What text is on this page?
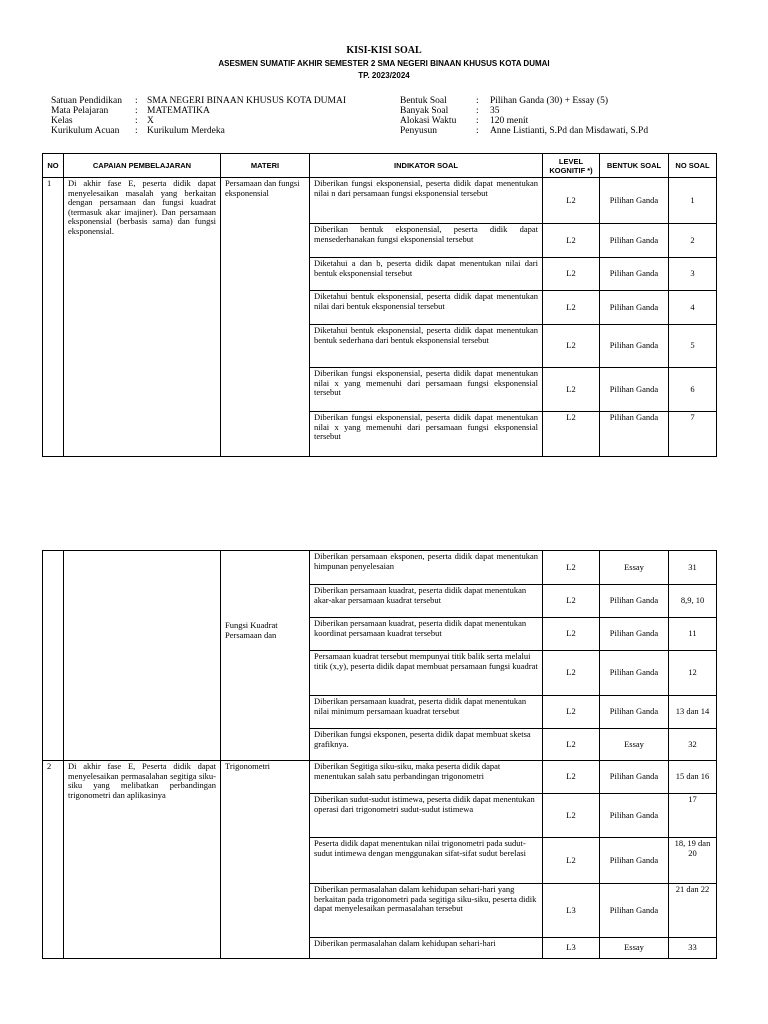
KISI-KISI SOAL
ASESMEN SUMATIF AKHIR SEMESTER 2 SMA NEGERI BINAAN KHUSUS KOTA DUMAI
TP. 2023/2024
Satuan Pendidikan : SMA NEGERI BINAAN KHUSUS KOTA DUMAI
Mata Pelajaran	: MATEMATIKA
Kelas	: X
Kurikulum Acuan : Kurikulum Merdeka
Bentuk Soal	: Pilihan Ganda (30) + Essay (5)
Banyak Soal	: 35
Alokasi Waktu : 120 menit
Penyusun	: Anne Listianti, S.Pd dan Misdawati, S.Pd
NO	CAPAIAN PEMBELAJARAN	MATERI	INDIKATOR SOAL	LEVEL KOGNITIF *)	BENTUK SOAL	NO SOAL
1	Di akhir fase E, peserta didik dapat menyelesaikan masalah yang berkaitan dengan persamaan dan fungsi kuadrat (termasuk akar imajiner). Dan persamaan eksponensial (berbasis sama) dan fungsi eksponensial.	Persamaan dan fungsi eksponensial	Diberikan fungsi eksponensial, peserta didik dapat menentukan nilai n dari persamaan fungsi eksponensial tersebut	L2	Pilihan Ganda	1
			Diberikan bentuk eksponensial, peserta didik dapat mensederhanakan fungsi eksponensial tersebut	L2	Pilihan Ganda	2
			Diketahui a dan b, peserta didik dapat menentukan nilai dari bentuk eksponensial tersebut	L2	Pilihan Ganda	3
			Diketahui bentuk eksponensial, peserta didik dapat menentukan nilai dari bentuk eksponensial tersebut	L2	Pilihan Ganda	4
			Diketahui bentuk eksponensial, peserta didik dapat menentukan bentuk sederhana dari bentuk eksponensial tersebut	L2	Pilihan Ganda	5
			Diberikan fungsi eksponensial, peserta didik dapat menentukan nilai x yang memenuhi dari persamaan fungsi eksponensial tersebut	L2	Pilihan Ganda	6
			Diberikan fungsi eksponensial, peserta didik dapat menentukan nilai x yang memenuhi dari persamaan fungsi eksponensial tersebut	L2	Pilihan Ganda	7
		Fungsi Kuadrat Persamaan dan	Diberikan persamaan eksponen, peserta didik dapat menentukan himpunan penyelesaian	L2	Essay	31
			Diberikan persamaan kuadrat, peserta didik dapat menentukan akar-akar persamaan kuadrat tersebut	L2	Pilihan Ganda	8,9, 10
			Diberikan persamaan kuadrat, peserta didik dapat menentukan koordinat persamaan kuadrat tersebut	L2	Pilihan Ganda	11
			Persamaan kuadrat tersebut mempunyai titik balik serta melalui titik (x,y), peserta didik dapat membuat persamaan fungsi kuadrat	L2	Pilihan Ganda	12
			Diberikan persamaan kuadrat, peserta didik dapat menentukan nilai minimum persamaan kuadrat tersebut	L2	Pilihan Ganda	13 dan 14
			Diberikan fungsi eksponen, peserta didik dapat membuat sketsa grafiknya.	L2	Essay	32
2	Di akhir fase E, Peserta didik dapat menyelesaikan permasalahan segitiga siku-siku yang melibatkan perbandingan trigonometri dan aplikasinya	Trigonometri	Diberikan Segitiga siku-siku, maka peserta didik dapat menentukan salah satu perbandingan trigonometri	L2	Pilihan Ganda	15 dan 16
			Diberikan sudut-sudut istimewa, peserta didik dapat menentukan operasi dari trigonometri sudut-sudut istimewa	L2	Pilihan Ganda	17
			Peserta didik dapat menentukan nilai trigonometri pada sudut-sudut intimewa dengan menggunakan sifat-sifat sudut berelasi	L2	Pilihan Ganda	18, 19 dan 20
			Diberikan permasalahan dalam kehidupan sehari-hari yang berkaitan pada trigonometri pada segitiga siku-siku, peserta didik dapat menyelesaikan permasalahan tersebut	L3	Pilihan Ganda	21 dan 22
			Diberikan permasalahan dalam kehidupan sehari-hari	L3	Essay	33
